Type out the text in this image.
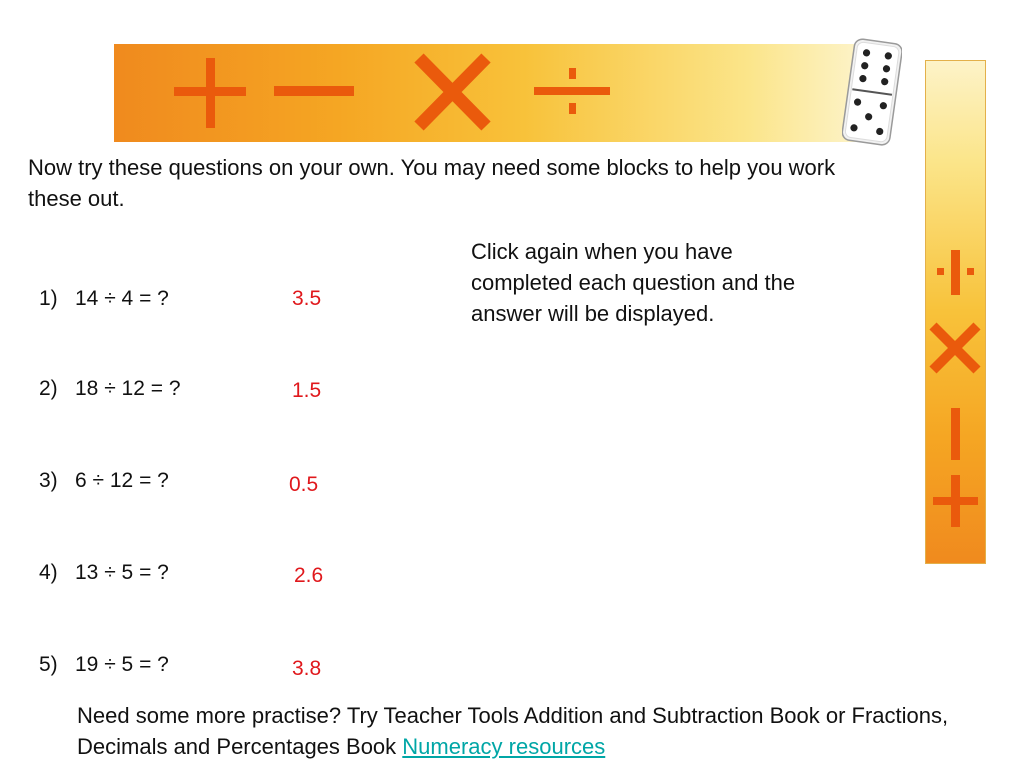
Now try these questions on your own. You may need some blocks to help you work these out.
Click again when you have completed each question and the answer will be displayed.
1) 14 ÷ 4 = ?	3.5
2) 18 ÷ 12 = ?	1.5
3) 6 ÷ 12 = ?	0.5
4) 13 ÷ 5 = ?	2.6
5) 19 ÷ 5 = ?	3.8
Need some more practise? Try Teacher Tools Addition and Subtraction Book or Fractions, Decimals and Percentages Book Numeracy resources
